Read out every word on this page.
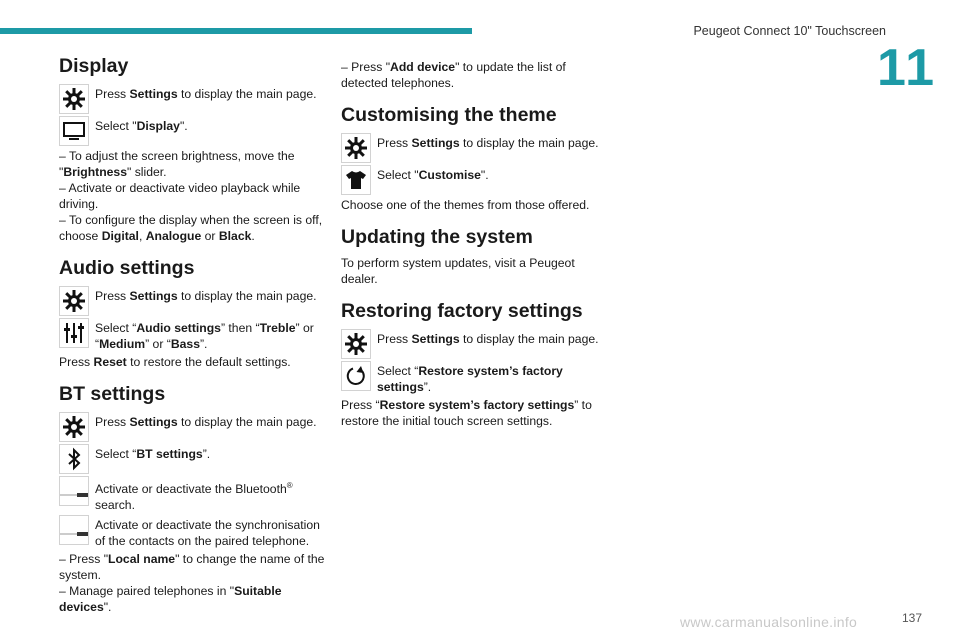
Peugeot Connect 10" Touchscreen
11
137
Display
Press Settings to display the main page.
Select "Display".

– To adjust the screen brightness, move the "Brightness" slider.

– Activate or deactivate video playback while driving.

– To configure the display when the screen is off, choose Digital, Analogue or Black.

Audio settings
Press Settings to display the main page.
Select “Audio settings” then “Treble” or “Medium” or “Bass”.

Press Reset to restore the default settings.

BT settings
Press Settings to display the main page.
Select “BT settings”.
Activate or deactivate the Bluetooth® search.
Activate or deactivate the synchronisation of the contacts on the paired telephone.

– Press "Local name" to change the name of the system.

– Manage paired telephones in "Suitable devices".

– Press "Add device" to update the list of detected telephones.

Customising the theme
Press Settings to display the main page.
Select "Customise".

Choose one of the themes from those offered.

Updating the system

To perform system updates, visit a Peugeot dealer.

Restoring factory settings
Press Settings to display the main page.
Select “Restore system’s factory settings”.

Press “Restore system’s factory settings” to restore the initial touch screen settings.

www.carmanualsonline.info
